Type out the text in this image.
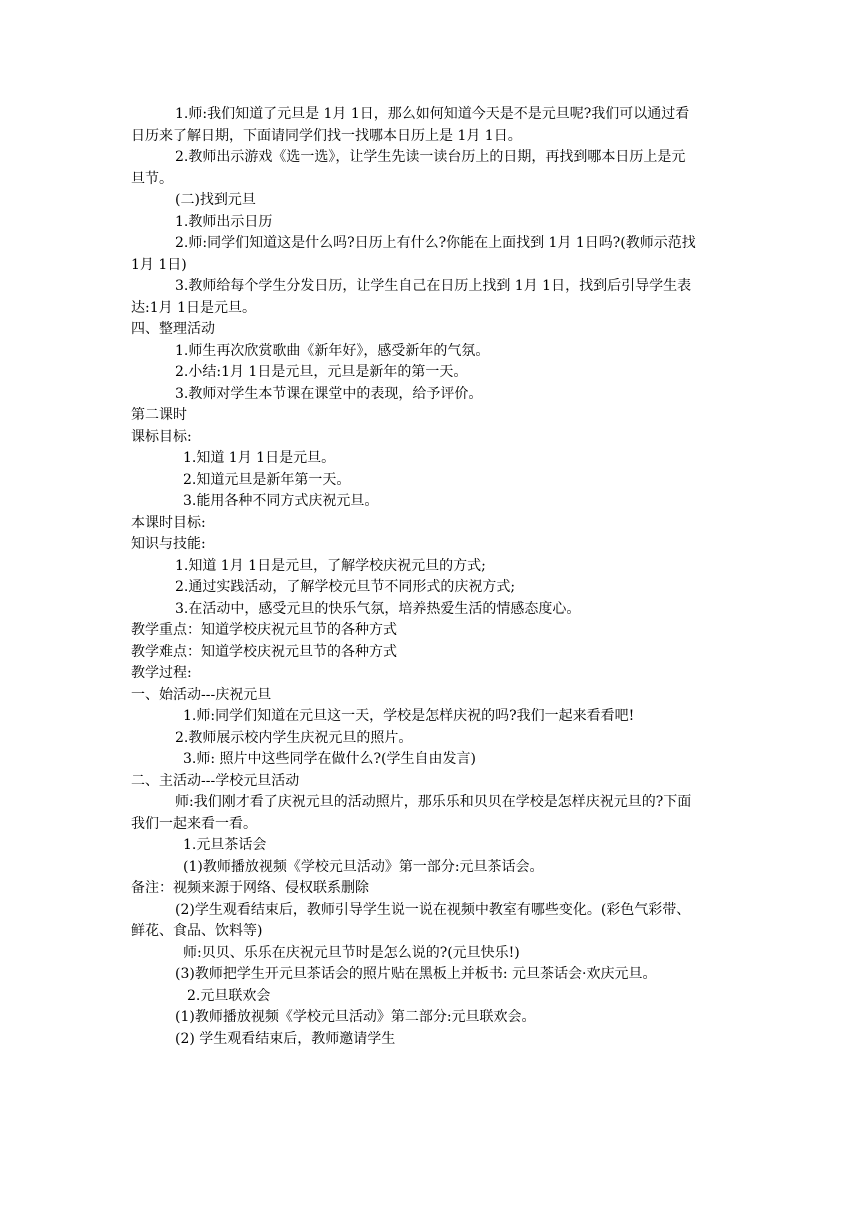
1.师:我们知道了元旦是 1月 1日，那么如何知道今天是不是元旦呢?我们可以通过看
日历来了解日期，下面请同学们找一找哪本日历上是 1月 1日。
2.教师出示游戏《选一选》，让学生先读一读台历上的日期，再找到哪本日历上是元
旦节。
(二)找到元旦
1.教师出示日历
2.师:同学们知道这是什么吗?日历上有什么?你能在上面找到 1月 1日吗?(教师示范找
1月 1日)
3.教师给每个学生分发日历，让学生自己在日历上找到 1月 1日，找到后引导学生表
达:1月 1日是元旦。
四、整理活动
1.师生再次欣赏歌曲《新年好》，感受新年的气氛。
2.小结:1月 1日是元旦，元旦是新年的第一天。
3.教师对学生本节课在课堂中的表现，给予评价。
第二课时
课标目标:
1.知道 1月 1日是元旦。
2.知道元旦是新年第一天。
3.能用各种不同方式庆祝元旦。
本课时目标:
知识与技能:
1.知道 1月 1日是元旦，了解学校庆祝元旦的方式;
2.通过实践活动，了解学校元旦节不同形式的庆祝方式;
3.在活动中，感受元旦的快乐气氛，培养热爱生活的情感态度心。
教学重点：知道学校庆祝元旦节的各种方式
教学难点：知道学校庆祝元旦节的各种方式
教学过程:
一、始活动---庆祝元旦
1.师:同学们知道在元旦这一天，学校是怎样庆祝的吗?我们一起来看看吧!
2.教师展示校内学生庆祝元旦的照片。
3.师: 照片中这些同学在做什么?(学生自由发言)
二、主活动---学校元旦活动
师:我们刚才看了庆祝元旦的活动照片，那乐乐和贝贝在学校是怎样庆祝元旦的?下面
我们一起来看一看。
1.元旦茶话会
(1)教师播放视频《学校元旦活动》第一部分:元旦茶话会。
备注：视频来源于网络、侵权联系删除
(2)学生观看结束后，教师引导学生说一说在视频中教室有哪些变化。(彩色气彩带、
鲜花、食品、饮料等)
师:贝贝、乐乐在庆祝元旦节时是怎么说的?(元旦快乐!)
(3)教师把学生开元旦茶话会的照片贴在黑板上并板书: 元旦茶话会·欢庆元旦。
2.元旦联欢会
(1)教师播放视频《学校元旦活动》第二部分:元旦联欢会。
(2) 学生观看结束后，教师邀请学生
